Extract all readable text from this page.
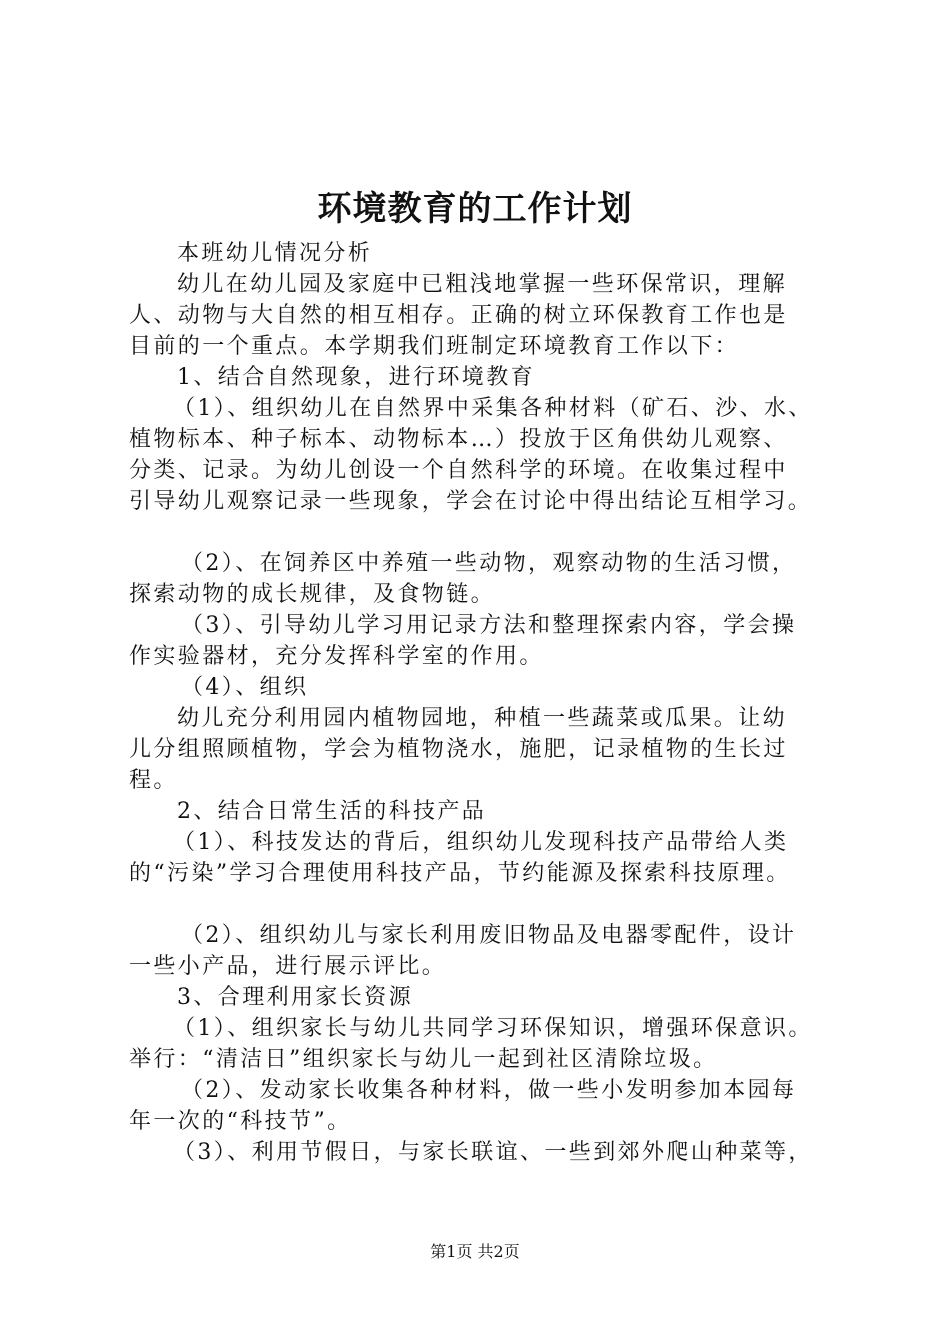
环境教育的工作计划

本班幼儿情况分析

幼儿在幼儿园及家庭中已粗浅地掌握一些环保常识，理解

人、动物与大自然的相互相存。正确的树立环保教育工作也是

目前的一个重点。本学期我们班制定环境教育工作以下：

1、结合自然现象，进行环境教育

（1）、组织幼儿在自然界中采集各种材料（矿石、沙、水、

植物标本、种子标本、动物标本…）投放于区角供幼儿观察、

分类、记录。为幼儿创设一个自然科学的环境。在收集过程中

引导幼儿观察记录一些现象，学会在讨论中得出结论互相学习。

（2）、在饲养区中养殖一些动物，观察动物的生活习惯，

探索动物的成长规律，及食物链。

（3）、引导幼儿学习用记录方法和整理探索内容，学会操

作实验器材，充分发挥科学室的作用。

（4）、组织

幼儿充分利用园内植物园地，种植一些蔬菜或瓜果。让幼

儿分组照顾植物，学会为植物浇水，施肥，记录植物的生长过

程。

2、结合日常生活的科技产品

（1）、科技发达的背后，组织幼儿发现科技产品带给人类

的“污染”学习合理使用科技产品，节约能源及探索科技原理。

（2）、组织幼儿与家长利用废旧物品及电器零配件，设计

一些小产品，进行展示评比。

3、合理利用家长资源

（1）、组织家长与幼儿共同学习环保知识，增强环保意识。

举行：“清洁日”组织家长与幼儿一起到社区清除垃圾。

（2）、发动家长收集各种材料，做一些小发明参加本园每

年一次的“科技节”。

（3）、利用节假日，与家长联谊、一些到郊外爬山种菜等，

第1页 共2页
